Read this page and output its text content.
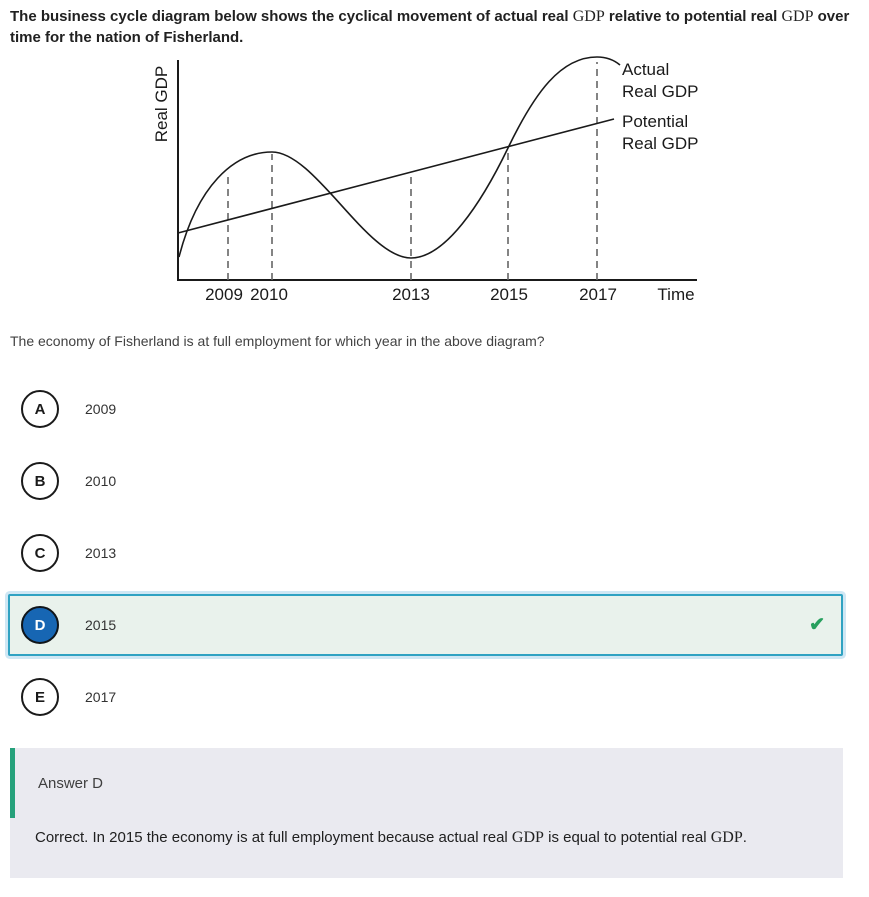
The business cycle diagram below shows the cyclical movement of actual real GDP relative to potential real GDP over time for the nation of Fisherland.
Real GDP
2009 2010	2013	2015	2017 Time
Actual
Real GDP
Potential
Real GDP
The economy of Fisherland is at full employment for which year in the above diagram?
A	2009
B	2010
C	2013
D	2015	✔
E	2017
Answer D
Correct. In 2015 the economy is at full employment because actual real GDP is equal to potential real GDP.
